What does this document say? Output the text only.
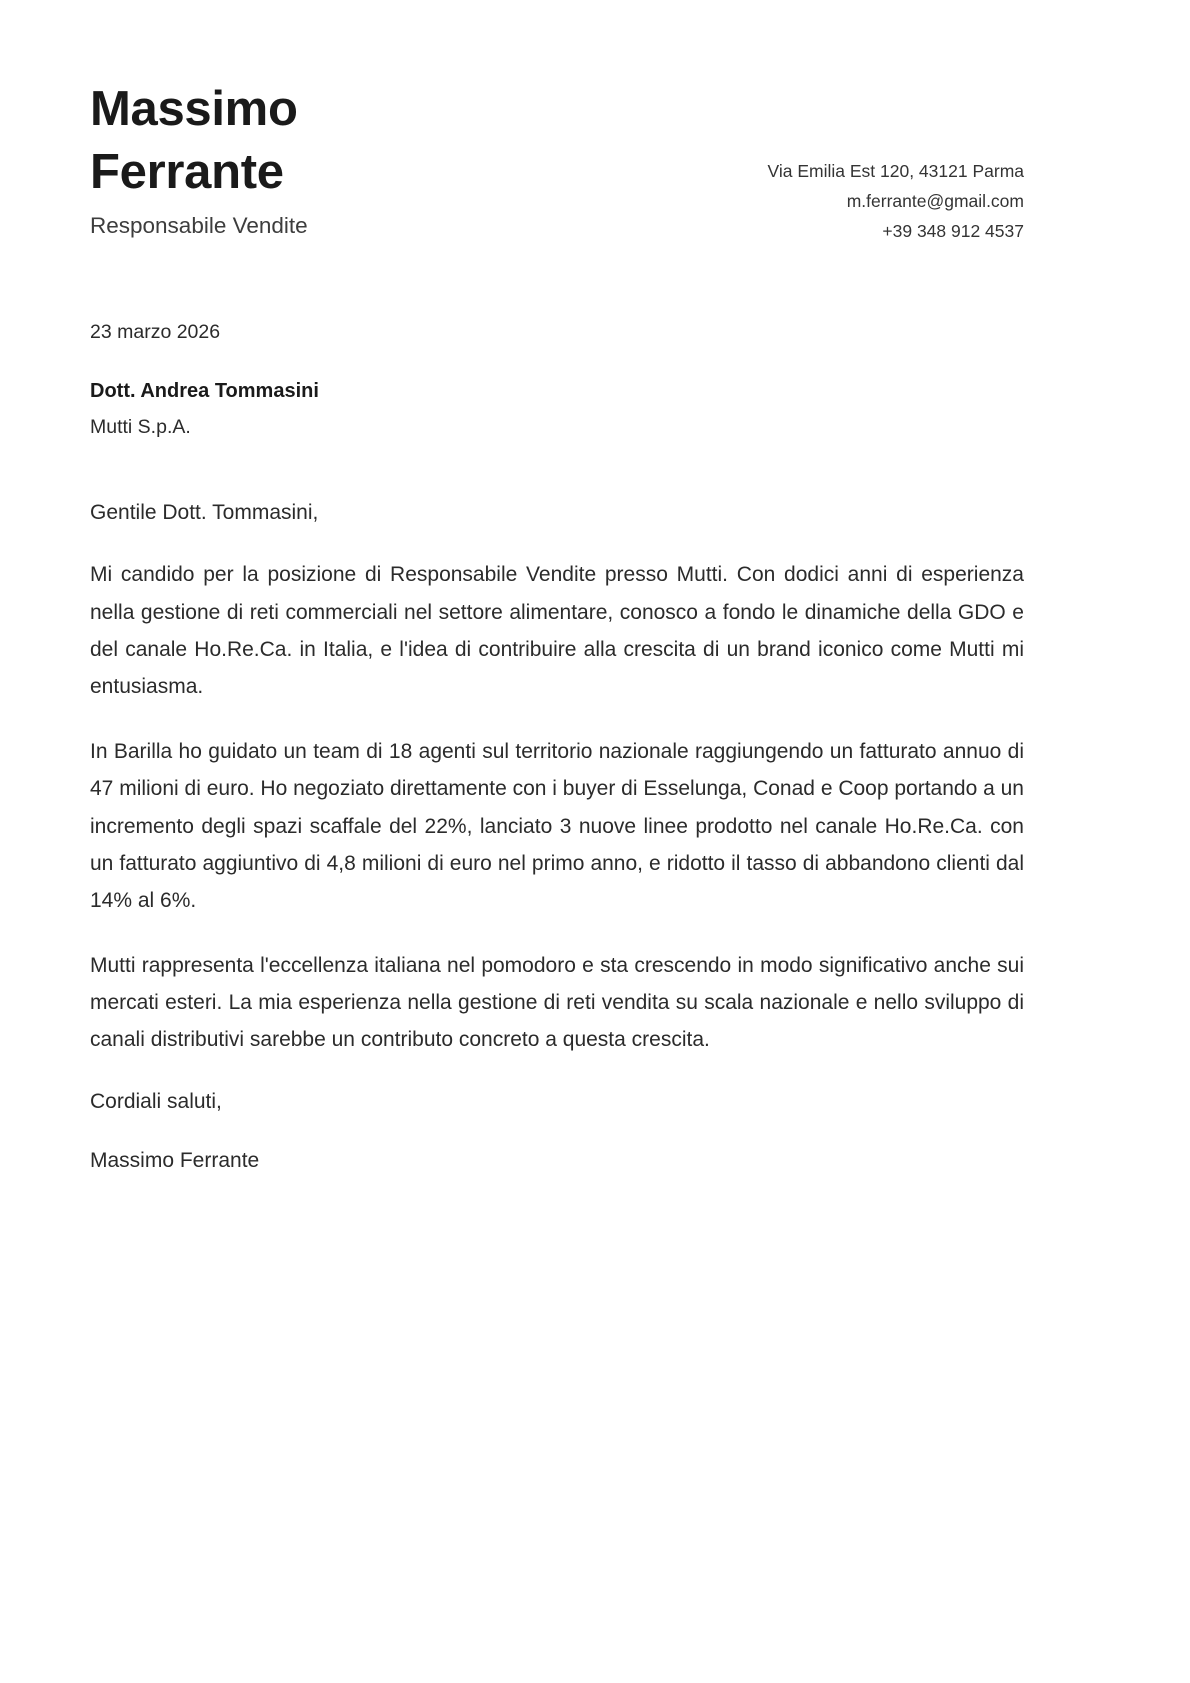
Massimo
Ferrante

Responsabile Vendite

Via Emilia Est 120, 43121 Parma
m.ferrante@gmail.com
+39 348 912 4537

23 marzo 2026

Dott. Andrea Tommasini

Mutti S.p.A.

Gentile Dott. Tommasini,

Mi candido per la posizione di Responsabile Vendite presso Mutti. Con dodici anni di esperienza nella gestione di reti commerciali nel settore alimentare, conosco a fondo le dinamiche della GDO e del canale Ho.Re.Ca. in Italia, e l'idea di contribuire alla crescita di un brand iconico come Mutti mi entusiasma.

In Barilla ho guidato un team di 18 agenti sul territorio nazionale raggiungendo un fatturato annuo di 47 milioni di euro. Ho negoziato direttamente con i buyer di Esselunga, Conad e Coop portando a un incremento degli spazi scaffale del 22%, lanciato 3 nuove linee prodotto nel canale Ho.Re.Ca. con un fatturato aggiuntivo di 4,8 milioni di euro nel primo anno, e ridotto il tasso di abbandono clienti dal 14% al 6%.

Mutti rappresenta l'eccellenza italiana nel pomodoro e sta crescendo in modo significativo anche sui mercati esteri. La mia esperienza nella gestione di reti vendita su scala nazionale e nello sviluppo di canali distributivi sarebbe un contributo concreto a questa crescita.

Cordiali saluti,

Massimo Ferrante
